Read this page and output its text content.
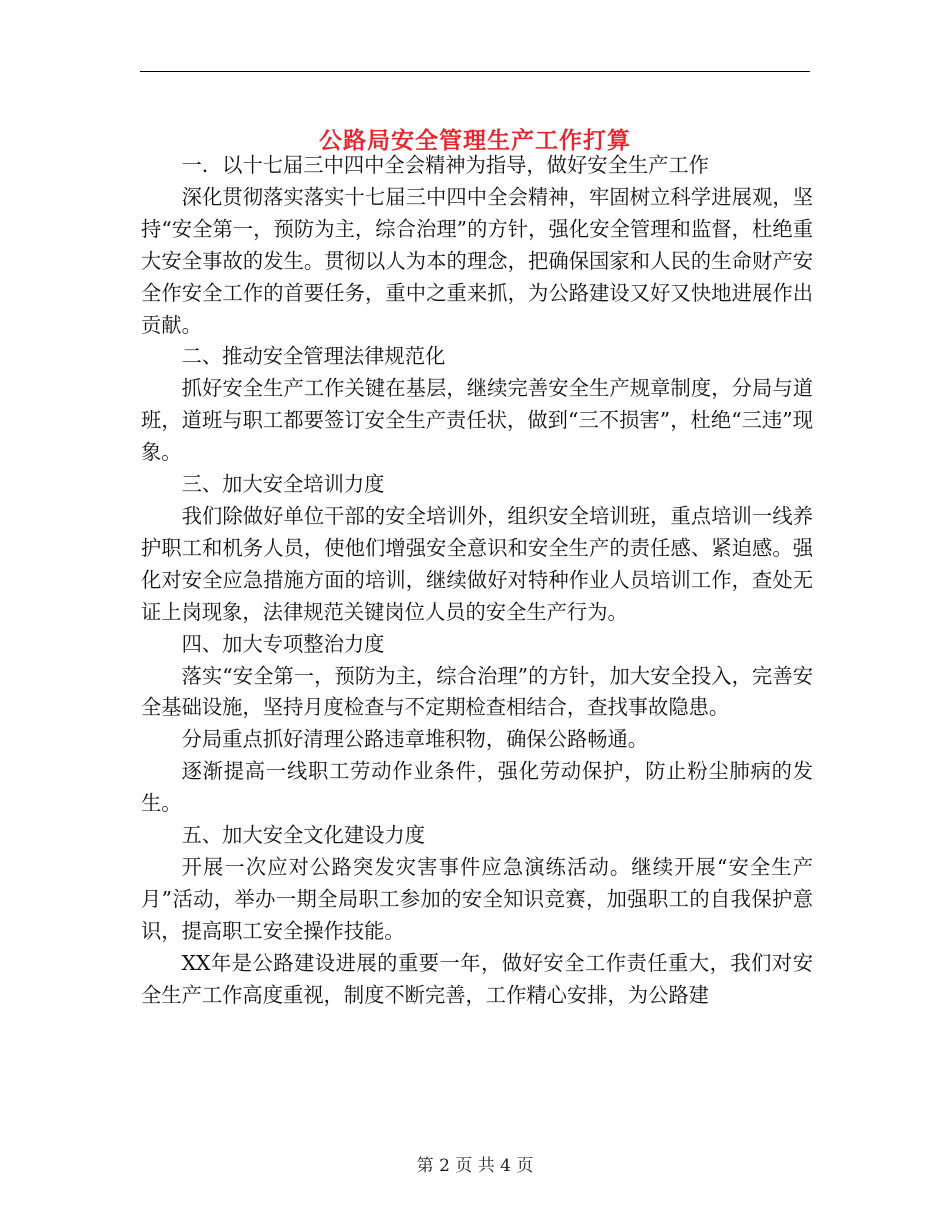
公路局安全管理生产工作打算

一．以十七届三中四中全会精神为指导，做好安全生产工作

深化贯彻落实落实十七届三中四中全会精神，牢固树立科学进展观，坚持“安全第一，预防为主，综合治理”的方针，强化安全管理和监督，杜绝重大安全事故的发生。贯彻以人为本的理念，把确保国家和人民的生命财产安全作安全工作的首要任务，重中之重来抓，为公路建设又好又快地进展作出贡献。

二、推动安全管理法律规范化

抓好安全生产工作关键在基层，继续完善安全生产规章制度，分局与道班，道班与职工都要签订安全生产责任状，做到“三不损害”，杜绝“三违”现象。

三、加大安全培训力度

我们除做好单位干部的安全培训外，组织安全培训班，重点培训一线养护职工和机务人员，使他们增强安全意识和安全生产的责任感、紧迫感。强化对安全应急措施方面的培训，继续做好对特种作业人员培训工作，查处无证上岗现象，法律规范关键岗位人员的安全生产行为。

四、加大专项整治力度

落实“安全第一，预防为主，综合治理”的方针，加大安全投入，完善安全基础设施，坚持月度检查与不定期检查相结合，查找事故隐患。

分局重点抓好清理公路违章堆积物，确保公路畅通。

逐渐提高一线职工劳动作业条件，强化劳动保护，防止粉尘肺病的发生。

五、加大安全文化建设力度

开展一次应对公路突发灾害事件应急演练活动。继续开展“安全生产月”活动，举办一期全局职工参加的安全知识竞赛，加强职工的自我保护意识，提高职工安全操作技能。

XX年是公路建设进展的重要一年，做好安全工作责任重大，我们对安全生产工作高度重视，制度不断完善，工作精心安排，为公路建

第 2 页 共 4 页
